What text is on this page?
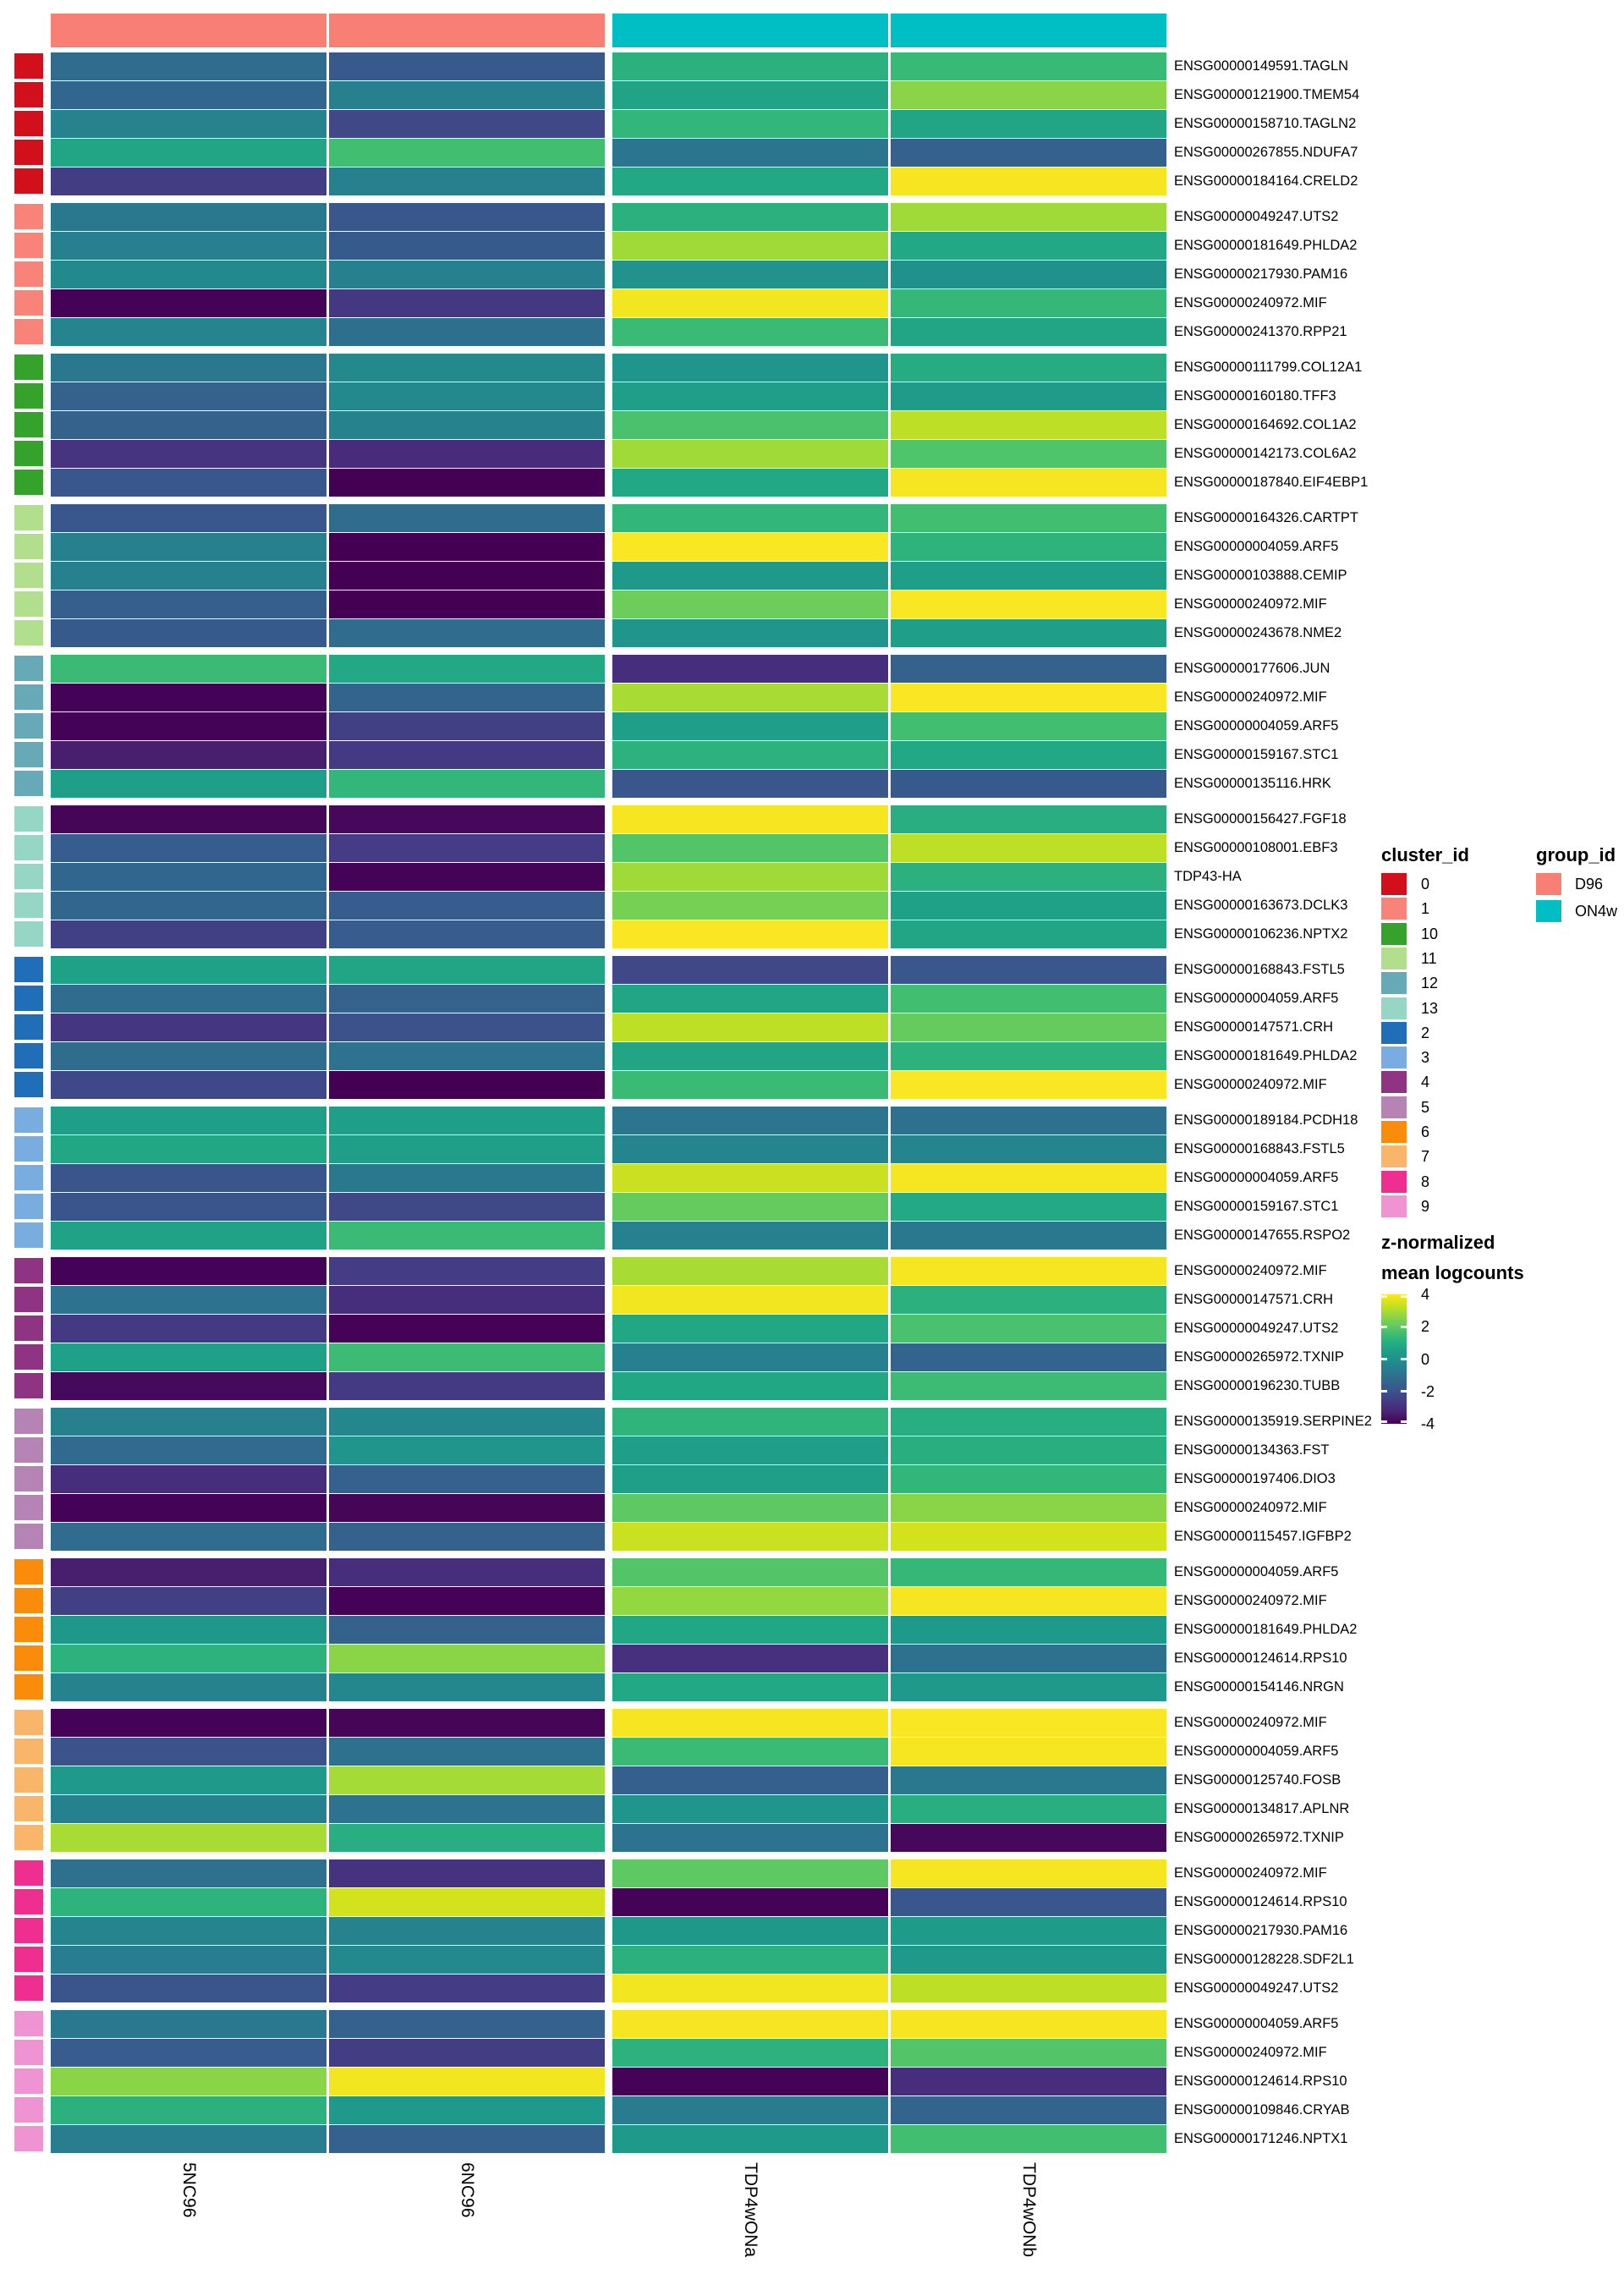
ENSG00000149591.TAGLN
ENSG00000121900.TMEM54
ENSG00000158710.TAGLN2
ENSG00000267855.NDUFA7
ENSG00000184164.CRELD2
ENSG00000049247.UTS2
ENSG00000181649.PHLDA2
ENSG00000217930.PAM16
ENSG00000240972.MIF
ENSG00000241370.RPP21
ENSG00000111799.COL12A1
ENSG00000160180.TFF3
ENSG00000164692.COL1A2
ENSG00000142173.COL6A2
ENSG00000187840.EIF4EBP1
ENSG00000164326.CARTPT
ENSG00000004059.ARF5
ENSG00000103888.CEMIP
ENSG00000240972.MIF
ENSG00000243678.NME2
ENSG00000177606.JUN
ENSG00000240972.MIF
ENSG00000004059.ARF5
ENSG00000159167.STC1
ENSG00000135116.HRK
ENSG00000156427.FGF18
ENSG00000108001.EBF3
TDP43-HA
ENSG00000163673.DCLK3
ENSG00000106236.NPTX2
ENSG00000168843.FSTL5
ENSG00000004059.ARF5
ENSG00000147571.CRH
ENSG00000181649.PHLDA2
ENSG00000240972.MIF
ENSG00000189184.PCDH18
ENSG00000168843.FSTL5
ENSG00000004059.ARF5
ENSG00000159167.STC1
ENSG00000147655.RSPO2
ENSG00000240972.MIF
ENSG00000147571.CRH
ENSG00000049247.UTS2
ENSG00000265972.TXNIP
ENSG00000196230.TUBB
ENSG00000135919.SERPINE2
ENSG00000134363.FST
ENSG00000197406.DIO3
ENSG00000240972.MIF
ENSG00000115457.IGFBP2
ENSG00000004059.ARF5
ENSG00000240972.MIF
ENSG00000181649.PHLDA2
ENSG00000124614.RPS10
ENSG00000154146.NRGN
ENSG00000240972.MIF
ENSG00000004059.ARF5
ENSG00000125740.FOSB
ENSG00000134817.APLNR
ENSG00000265972.TXNIP
ENSG00000240972.MIF
ENSG00000124614.RPS10
ENSG00000217930.PAM16
ENSG00000128228.SDF2L1
ENSG00000049247.UTS2
ENSG00000004059.ARF5
ENSG00000240972.MIF
ENSG00000124614.RPS10
ENSG00000109846.CRYAB
ENSG00000171246.NPTX1
5NC96	6NC96	TDP4wONa	TDP4wONb
cluster_id
0
1
10
11
12
13
2
3
4
5
6
7
8
9
group_id
D96
ON4w
z-normalized
mean logcounts
4
2
0
-2
-4
